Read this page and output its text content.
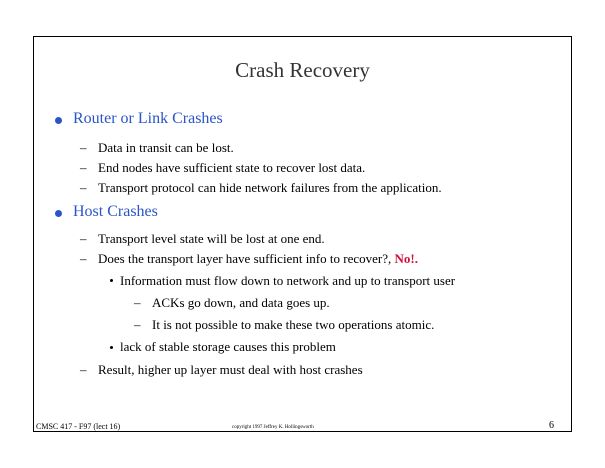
Crash Recovery
Router or Link Crashes
– Data in transit can be lost.
– End nodes have sufficient state to recover lost data.
– Transport protocol can hide network failures from the application.
Host Crashes
– Transport level state will be lost at one end.
– Does the transport layer have sufficient info to recover?, No!.
Information must flow down to network and up to transport user
– ACKs go down, and data goes up.
– It is not possible to make these two operations atomic.
lack of stable storage causes this problem
– Result, higher up layer must deal with host crashes
CMSC 417 - F97 (lect 16)	copyright 1997 Jeffrey K. Hollingsworth	6
